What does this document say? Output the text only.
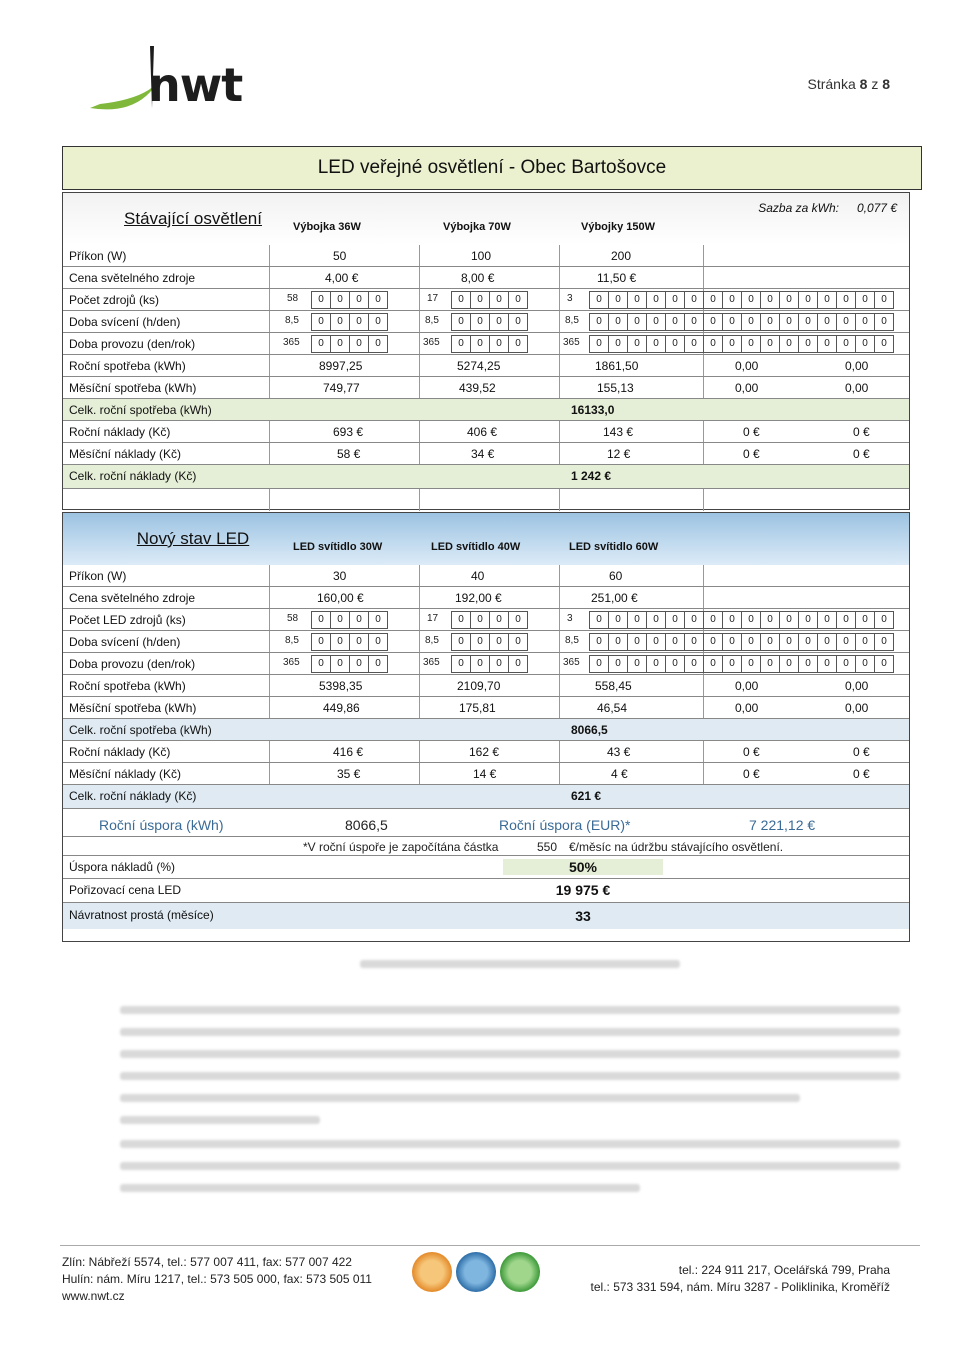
nwt	Stránka 8 z 8
LED veřejné osvětlení - Obec Bartošovce
Stávající osvětlení	Výbojka 36W	Výbojka 70W	Výbojky 150W
Sazba za kWh: 0,077 €
Příkon (W)	50	100	200
Cena světelného zdroje	4,00 €	8,00 €	11,50 €
Počet zdrojů (ks)	58	0	0	0	0	17	0	0	0	0	3	0	0	0	0	0	0	0	0	0	0	0	0	0	0	0	0
Doba svícení (h/den)	8,5	0	0	0	0	8,5	0	0	0	0	8,5	0	0	0	0	0	0	0	0	0	0	0	0	0	0	0	0
Doba provozu (den/rok)	365	0	0	0	0	365	0	0	0	0	365	0	0	0	0	0	0	0	0	0	0	0	0	0	0	0	0
Roční spotřeba (kWh)	8997,25	5274,25	1861,50	0,00	0,00
Měsíční spotřeba (kWh)	749,77	439,52	155,13	0,00	0,00
Celk. roční spotřeba (kWh)	16133,0
Roční náklady (Kč)	693 €	406 €	143 €	0 €	0 €
Měsíční náklady (Kč)	58 €	34 €	12 €	0 €	0 €
Celk. roční náklady (Kč)	1 242 €
Nový stav LED	LED svítidlo 30W	LED svítidlo 40W	LED svítidlo 60W
Příkon (W)	30	40	60
Cena světelného zdroje	160,00 €	192,00 €	251,00 €
Počet LED zdrojů (ks)	58	0	0	0	0	17	0	0	0	0	3	0	0	0	0	0	0	0	0	0	0	0	0	0	0	0	0
Doba svícení (h/den)	8,5	0	0	0	0	8,5	0	0	0	0	8,5	0	0	0	0	0	0	0	0	0	0	0	0	0	0	0	0
Doba provozu (den/rok)	365	0	0	0	0	365	0	0	0	0	365	0	0	0	0	0	0	0	0	0	0	0	0	0	0	0	0
Roční spotřeba (kWh)	5398,35	2109,70	558,45	0,00	0,00
Měsíční spotřeba (kWh)	449,86	175,81	46,54	0,00	0,00
Celk. roční spotřeba (kWh)	8066,5
Roční náklady (Kč)	416 €	162 €	43 €	0 €	0 €
Měsíční náklady (Kč)	35 €	14 €	4 €	0 €	0 €
Celk. roční náklady (Kč)	621 €
Roční úspora (kWh)	8066,5	Roční úspora (EUR)*	7 221,12 €
*V roční úspoře je započítána částka	550 €/měsíc na údržbu stávajícího osvětlení.
Úspora nákladů (%)	50%
Pořizovací cena LED	19 975 €
Návratnost prostá (měsíce)	33
Zlín: Nábřeží 5574, tel.: 577 007 411, fax: 577 007 422
Hulín: nám. Míru 1217, tel.: 573 505 000, fax: 573 505 011
www.nwt.cz
tel.: 224 911 217, Ocelářská 799, Praha
tel.: 573 331 594, nám. Míru 3287 - Poliklinika, Kroměříž
